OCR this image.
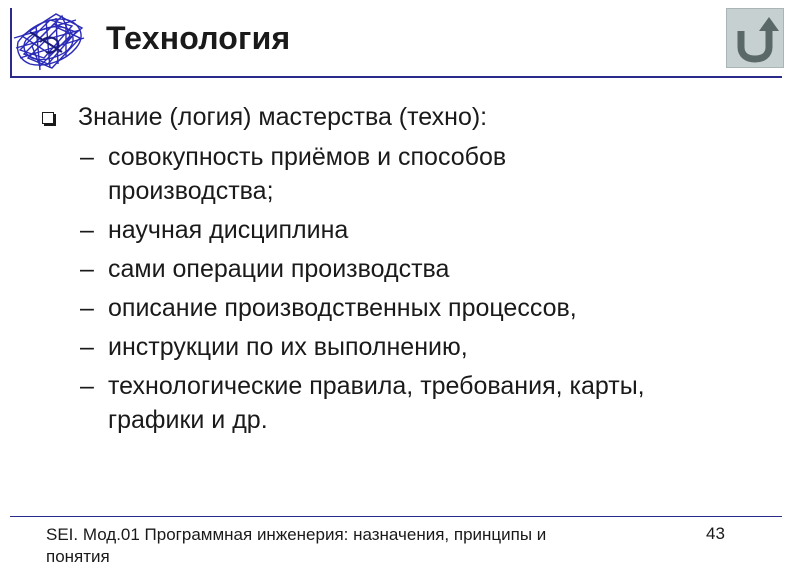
Технология
Знание (логия) мастерства (техно):
– совокупность приёмов и способов
производства;
– научная дисциплина
– сами операции производства
– описание производственных процессов,
– инструкции по их выполнению,
– технологические правила, требования, карты,
графики и др.
SEI. Мод.01 Программная инженерия: назначения, принципы и понятия
43
